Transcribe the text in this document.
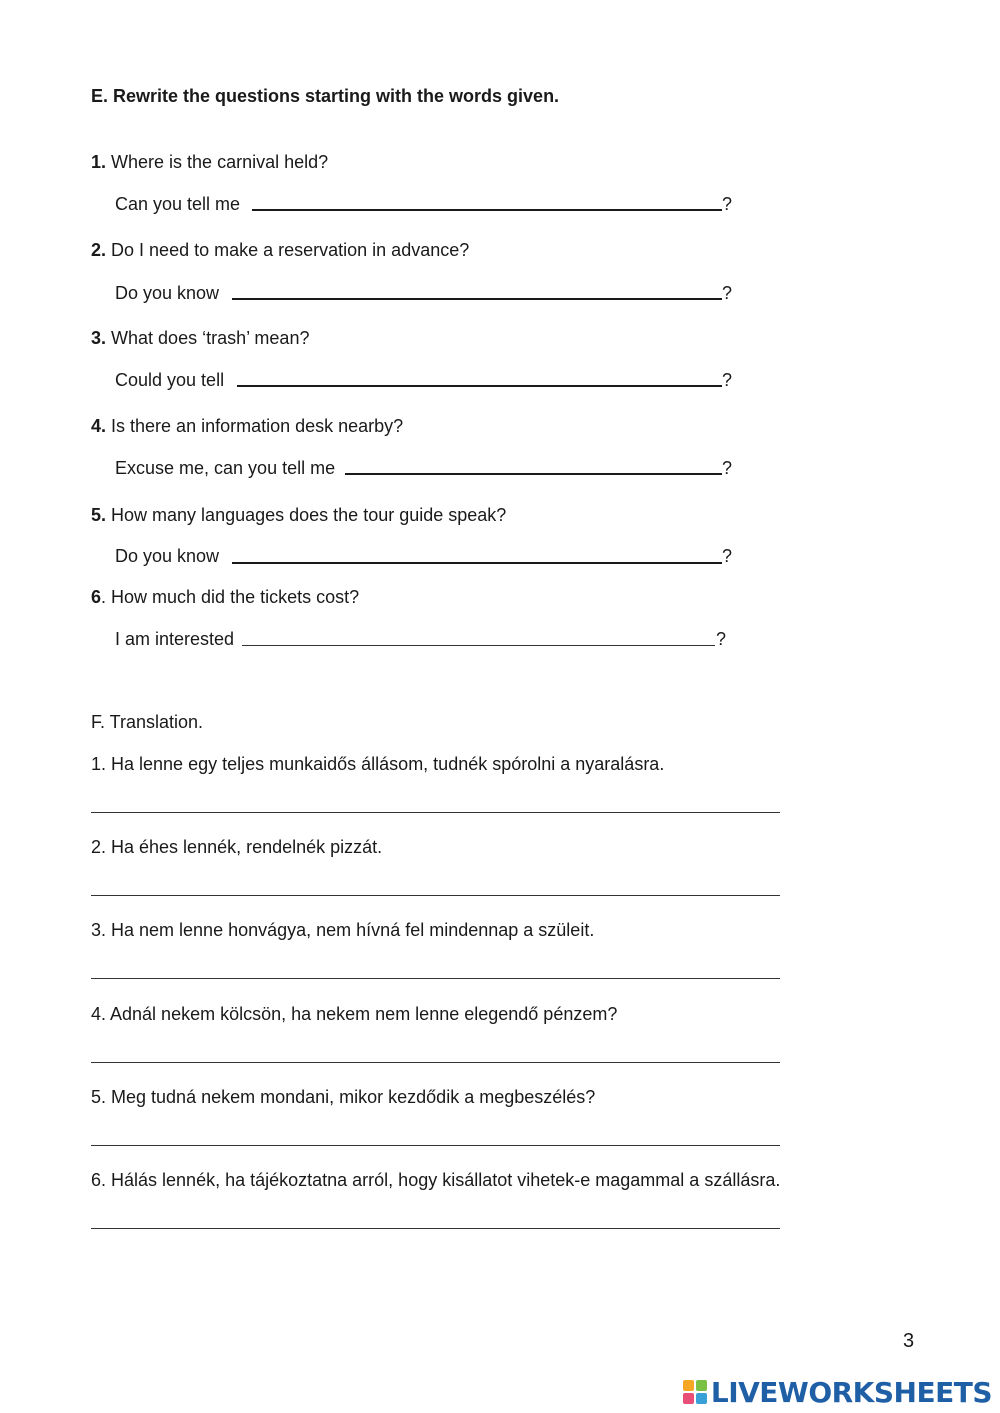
E. Rewrite the questions starting with the words given.
1. Where is the carnival held?
Can you tell me	?
2. Do I need to make a reservation in advance?
Do you know	?
3. What does ‘trash’ mean?
Could you tell	?
4. Is there an information desk nearby?
Excuse me, can you tell me	?
5. How many languages does the tour guide speak?
Do you know	?
6. How much did the tickets cost?
I am interested	?
F. Translation.
1. Ha lenne egy teljes munkaidős állásom, tudnék spórolni a nyaralásra.
2. Ha éhes lennék, rendelnék pizzát.
3. Ha nem lenne honvágya, nem hívná fel mindennap a szüleit.
4. Adnál nekem kölcsön, ha nekem nem lenne elegendő pénzem?
5. Meg tudná nekem mondani, mikor kezdődik a megbeszélés?
6. Hálás lennék, ha tájékoztatna arról, hogy kisállatot vihetek-e magammal a szállásra.
3
LIVEWORKSHEETS
